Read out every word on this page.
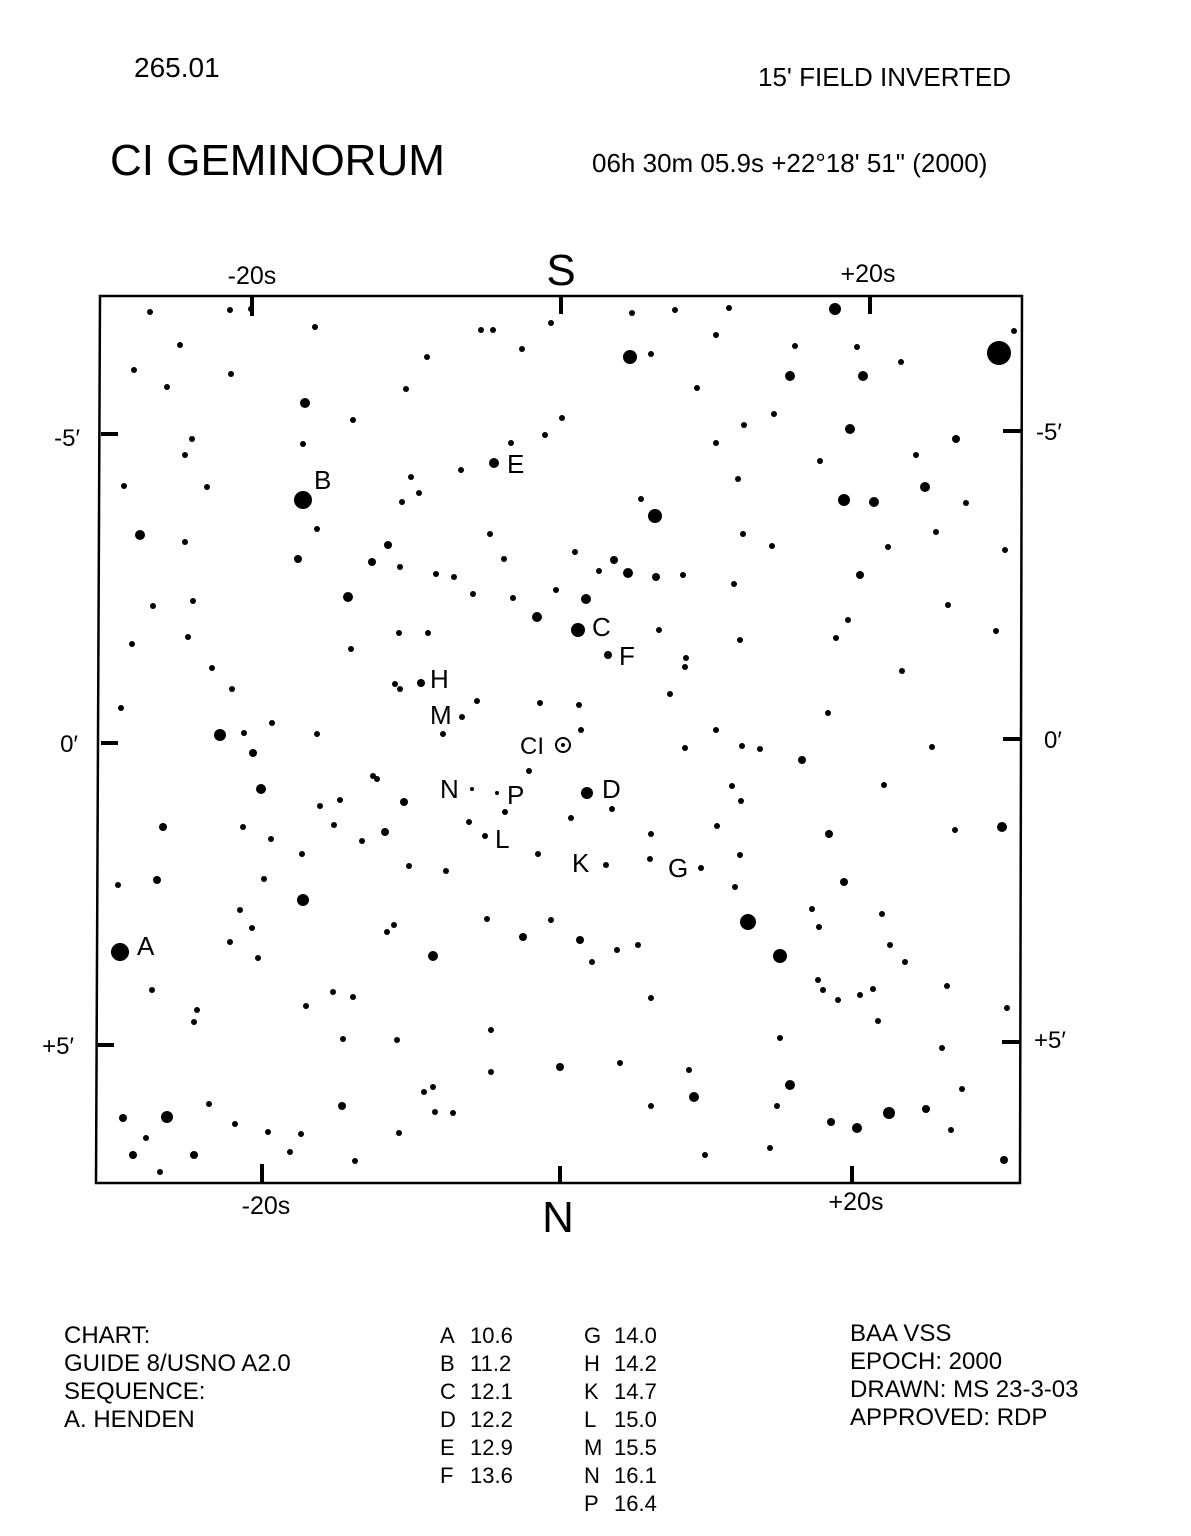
265.01	15' FIELD INVERTED
CI GEMINORUM	06h 30m 05.9s +22°18' 51" (2000)
S
N
-20s	+20s
-20s	+20s
-5′
0′
+5′
-5′
0′
+5′
CI
A
B
C
D
E
F
G
H
K
L
M
N P
CHART:
GUIDE 8/USNO A2.0
SEQUENCE:
A. HENDEN
A 10.6
B 11.2
C 12.1
D 12.2
E 12.9
F 13.6
G 14.0
H 14.2
K 14.7
L 15.0
M 15.5
N 16.1
P 16.4
BAA VSS
EPOCH: 2000
DRAWN: MS 23-3-03
APPROVED: RDP
